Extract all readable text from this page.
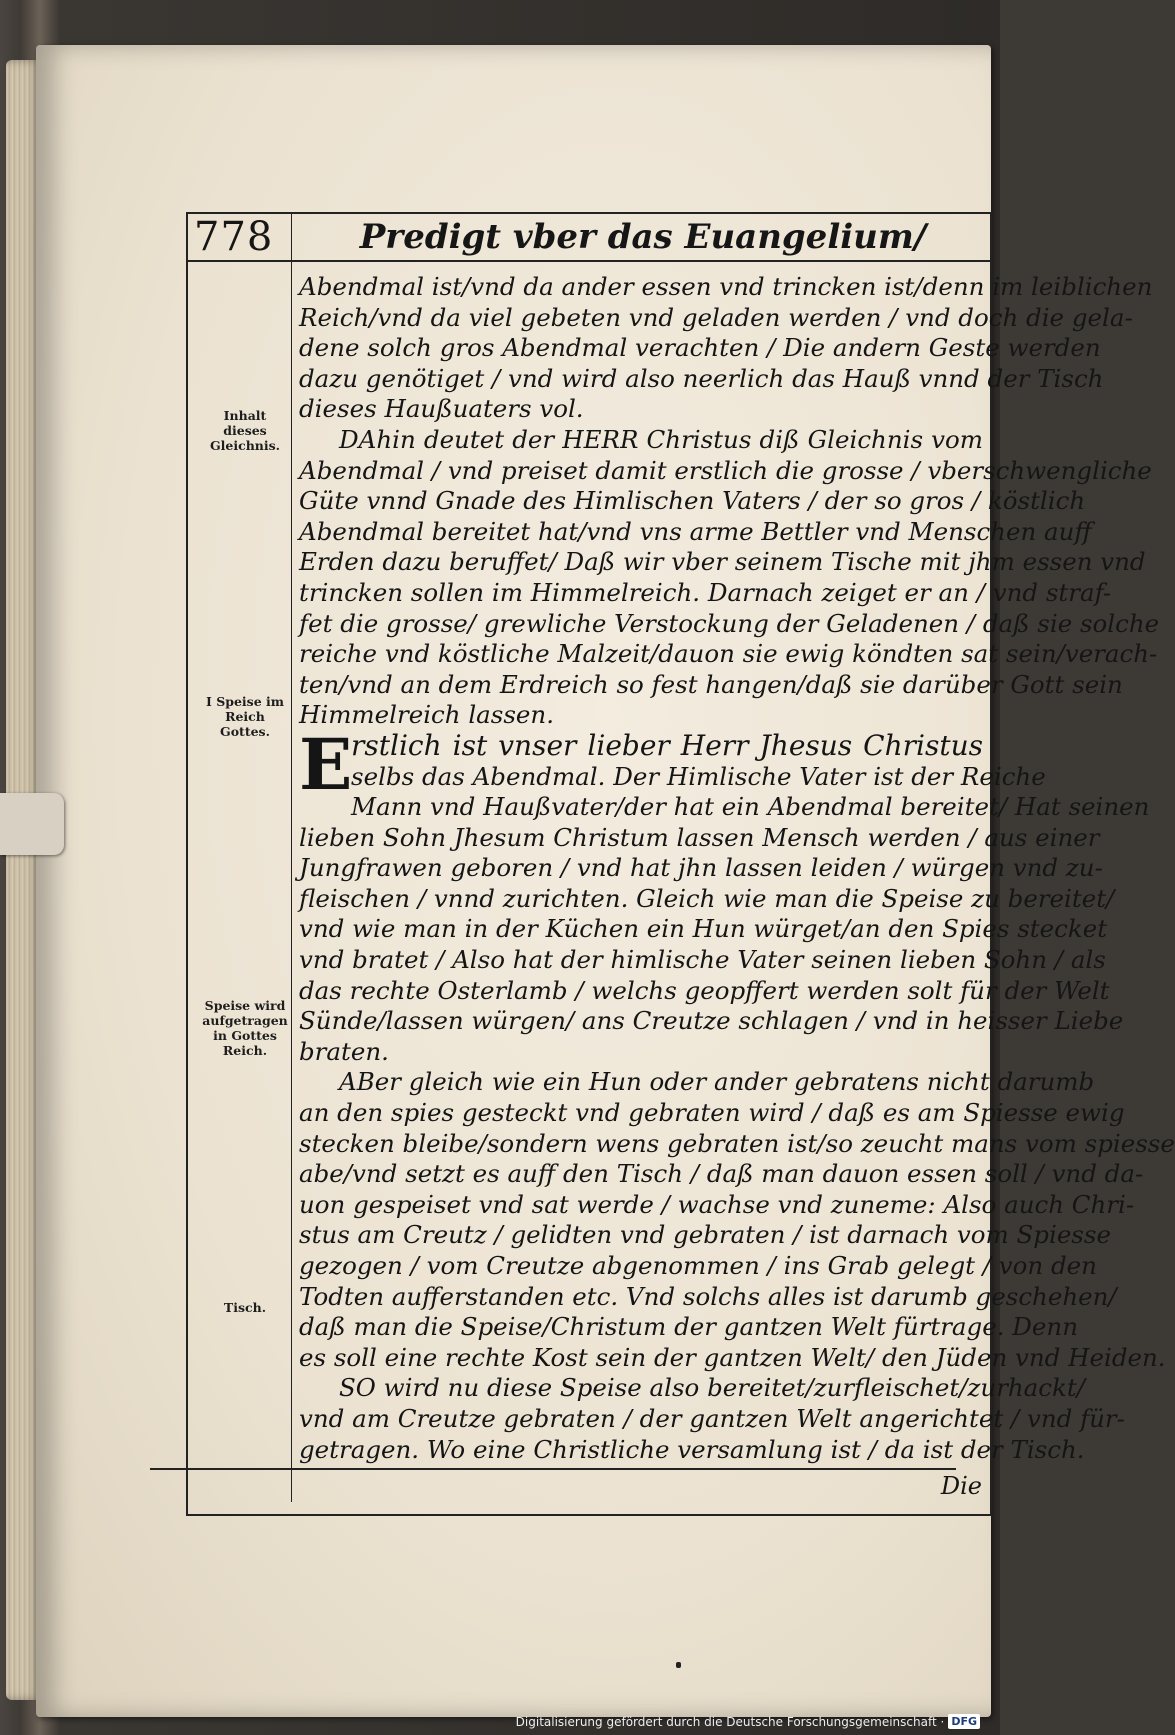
778	Predigt vber das Euangelium/
Inhalt dieses Gleichnis.
I Speise im Reich Gottes.
Speise wird aufgetragen in Gottes Reich.
Tisch.
Abendmal ist/vnd da ander essen vnd trincken ist/denn im leiblichen
Reich/vnd da viel gebeten vnd geladen werden / vnd doch die gela-
dene solch gros Abendmal verachten / Die andern Geste werden
dazu genötiget / vnd wird also neerlich das Hauß vnnd der Tisch
dieses Haußuaters vol.
DAhin deutet der HERR Christus diß Gleichnis vom
Abendmal / vnd preiset damit erstlich die grosse / vberschwengliche
Güte vnnd Gnade des Himlischen Vaters / der so gros / köstlich
Abendmal bereitet hat/vnd vns arme Bettler vnd Menschen auff
Erden dazu beruffet/ Daß wir vber seinem Tische mit jhm essen vnd
trincken sollen im Himmelreich. Darnach zeiget er an / vnd straf-
fet die grosse/ grewliche Verstockung der Geladenen / daß sie solche
reiche vnd köstliche Malzeit/dauon sie ewig köndten sat sein/verach-
ten/vnd an dem Erdreich so fest hangen/daß sie darüber Gott sein
Himmelreich lassen.
E
rstlich ist vnser lieber Herr Jhesus Christus
selbs das Abendmal. Der Himlische Vater ist der Reiche
Mann vnd Haußvater/der hat ein Abendmal bereitet/ Hat seinen
lieben Sohn Jhesum Christum lassen Mensch werden / aus einer
Jungfrawen geboren / vnd hat jhn lassen leiden / würgen vnd zu-
fleischen / vnnd zurichten. Gleich wie man die Speise zu bereitet/
vnd wie man in der Küchen ein Hun würget/an den Spies stecket
vnd bratet / Also hat der himlische Vater seinen lieben Sohn / als
das rechte Osterlamb / welchs geopffert werden solt für der Welt
Sünde/lassen würgen/ ans Creutze schlagen / vnd in heisser Liebe
braten.
ABer gleich wie ein Hun oder ander gebratens nicht darumb
an den spies gesteckt vnd gebraten wird / daß es am Spiesse ewig
stecken bleibe/sondern wens gebraten ist/so zeucht mans vom spiesse
abe/vnd setzt es auff den Tisch / daß man dauon essen soll / vnd da-
uon gespeiset vnd sat werde / wachse vnd zuneme: Also auch Chri-
stus am Creutz / gelidten vnd gebraten / ist darnach vom Spiesse
gezogen / vom Creutze abgenommen / ins Grab gelegt / von den
Todten aufferstanden etc. Vnd solchs alles ist darumb geschehen/
daß man die Speise/Christum der gantzen Welt fürtrage. Denn
es soll eine rechte Kost sein der gantzen Welt/ den Jüden vnd Heiden.
SO wird nu diese Speise also bereitet/zurfleischet/zurhackt/
vnd am Creutze gebraten / der gantzen Welt angerichtet / vnd für-
getragen. Wo eine Christliche versamlung ist / da ist der Tisch.
Die
Digitalisierung gefördert durch die Deutsche Forschungsgemeinschaft · DFG
